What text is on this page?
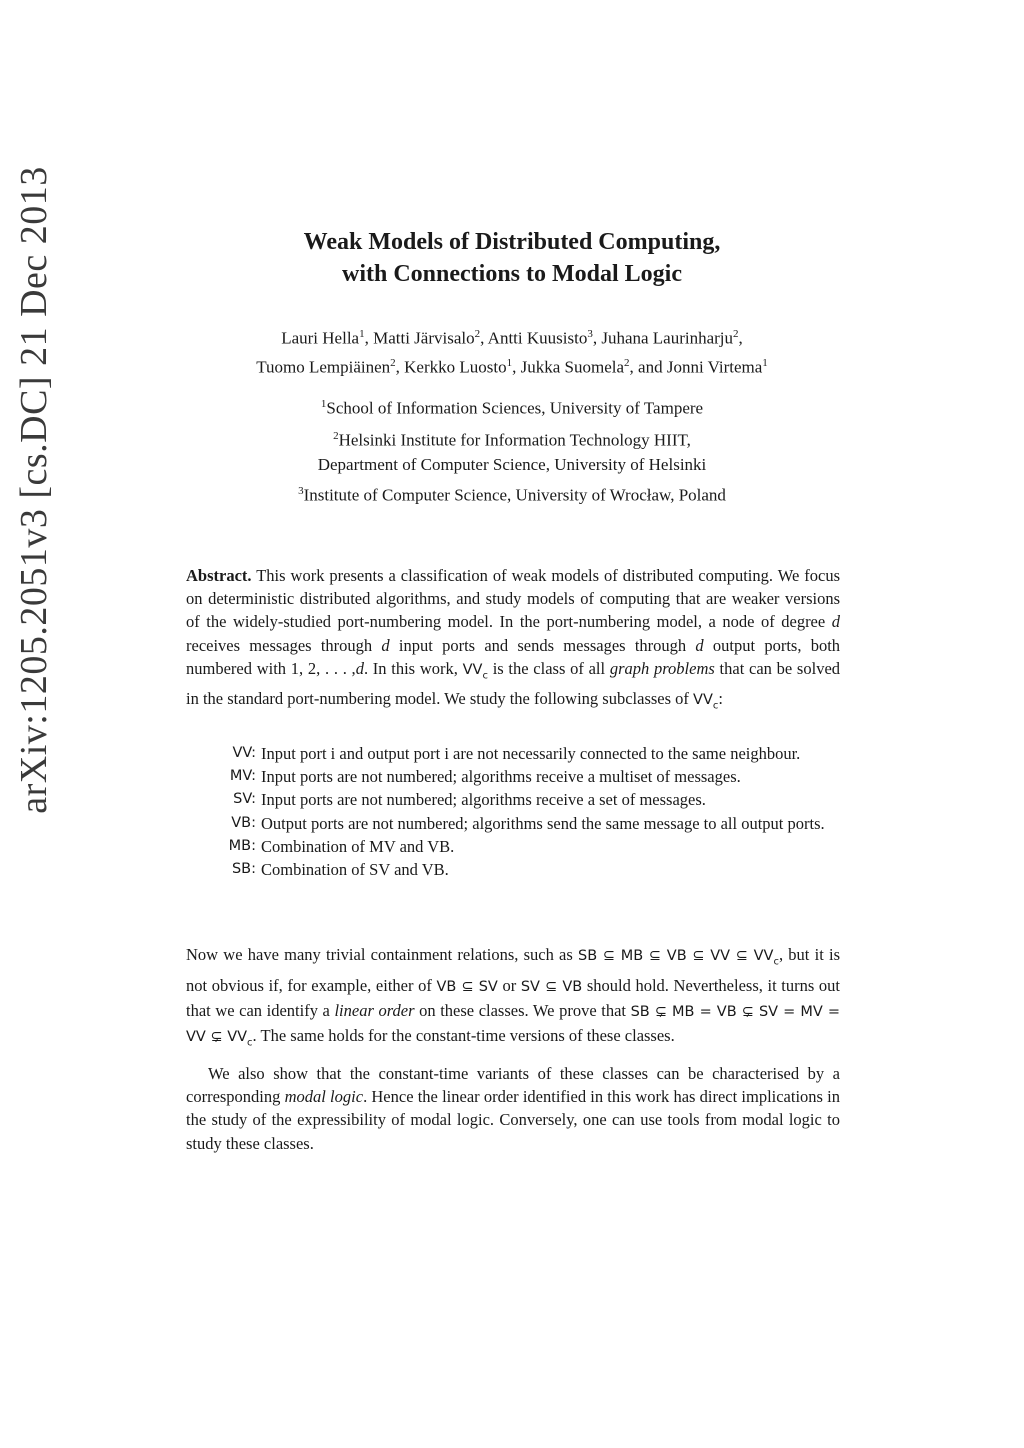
arXiv:1205.2051v3 [cs.DC] 21 Dec 2013	Weak Models of Distributed Computing,
with Connections to Modal Logic
Lauri Hella$^1$, Matti Järvisalo$^2$, Antti Kuusisto$^3$, Juhana Laurinharju$^2$,
Tuomo Lempiäinen$^2$, Kerkko Luosto$^1$, Jukka Suomela$^2$, and Jonni Virtema$^1$
$^1$School of Information Sciences, University of Tampere
$^2$Helsinki Institute for Information Technology HIIT,
Department of Computer Science, University of Helsinki
$^3$Institute of Computer Science, University of Wrocław, Poland
Abstract. This work presents a classification of weak models of distributed computing. We focus on deterministic distributed algorithms, and study models of computing that are weaker versions of the widely-studied port-numbering model. In the port-numbering model, a node of degree d receives messages through d input ports and sends messages through d output ports, both numbered with 1, 2, . . . ,d. In this work, $VV_c$ is the class of all graph problems that can be solved in the standard port-numbering model. We study the following subclasses of $VV_c$:
VV: Input port i and output port i are not necessarily connected to the same neighbour.
MV: Input ports are not numbered; algorithms receive a multiset of messages.
SV: Input ports are not numbered; algorithms receive a set of messages.
VB: Output ports are not numbered; algorithms send the same message to all output ports.
MB: Combination of MV and VB.
SB: Combination of SV and VB.
Now we have many trivial containment relations, such as SB ⊆ MB ⊆ VB ⊆ VV ⊆ $VV_c$, but it is not obvious if, for example, either of VB ⊆ SV or SV ⊆ VB should hold. Nevertheless, it turns out that we can identify a linear order on these classes. We prove that SB ⊊ MB = VB ⊊ SV = MV = VV ⊊ $VV_c$. The same holds for the constant-time versions of these classes.
We also show that the constant-time variants of these classes can be characterised by a corresponding modal logic. Hence the linear order identified in this work has direct implications in the study of the expressibility of modal logic. Conversely, one can use tools from modal logic to study these classes.
